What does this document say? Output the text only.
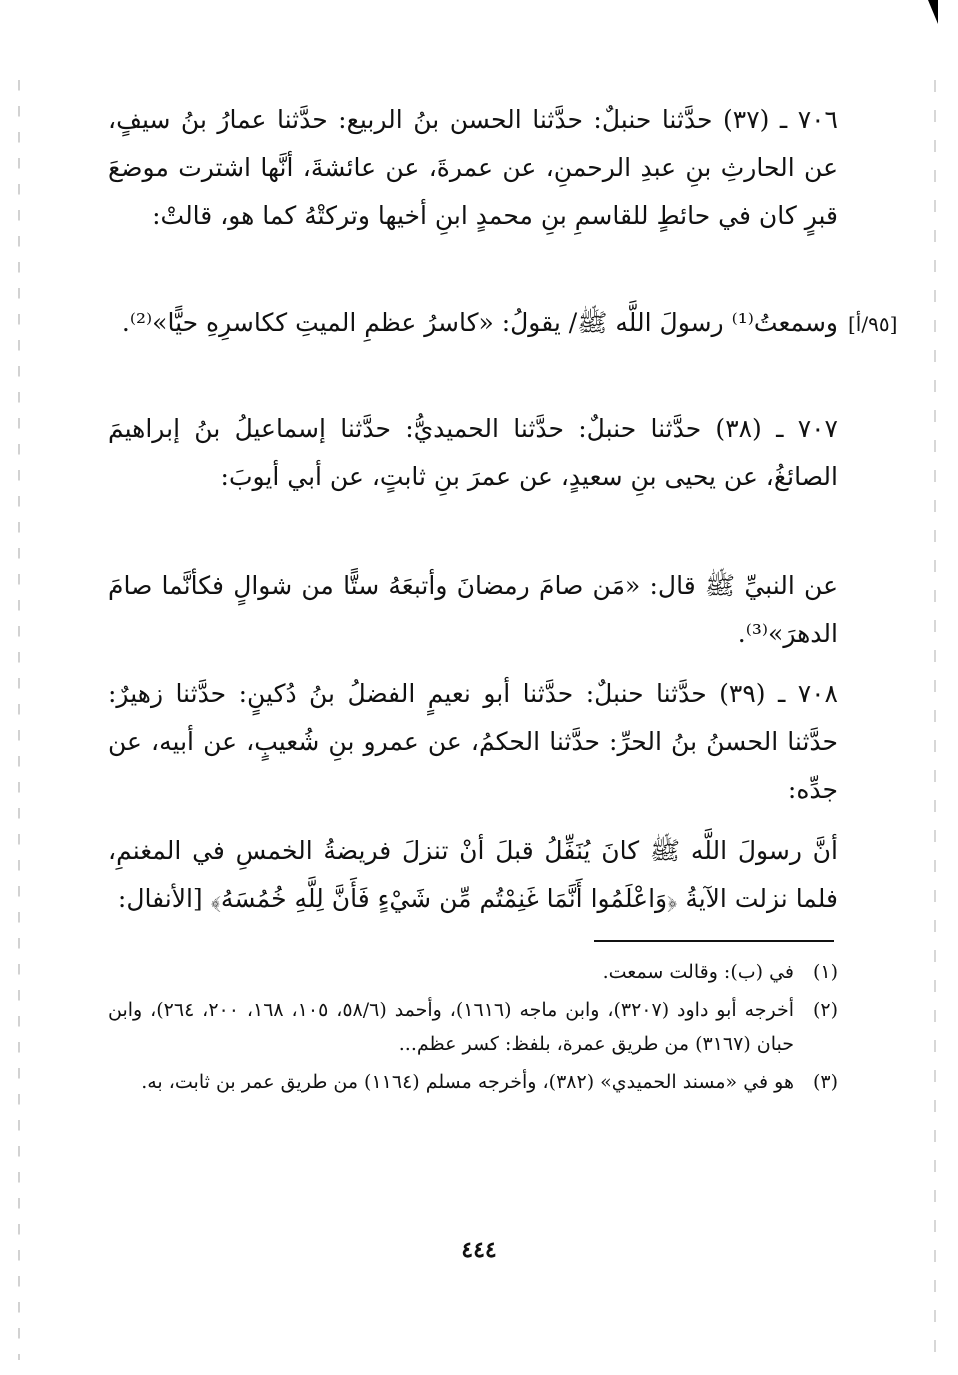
[٩٥/أ]
٧٠٦ ـ (٣٧) حدَّثنا حنبلٌ: حدَّثنا الحسن بنُ الربيع: حدَّثنا عمارُ بنُ سيفٍ، عن الحارثِ بنِ عبدِ الرحمنِ، عن عمرةَ، عن عائشةَ، أنَّها اشترت موضعَ قبرٍ كان في حائطٍ للقاسمِ بنِ محمدٍ ابنِ أخيها وتركتْهُ كما هو، قالتْ:
وسمعتُ⁽¹⁾ رسولَ اللَّه ﷺ/ يقولُ: «كاسرُ عظمِ الميتِ ككاسرِهِ حيًّا»⁽²⁾.
٧٠٧ ـ (٣٨) حدَّثنا حنبلٌ: حدَّثنا الحميديُّ: حدَّثنا إسماعيلُ بنُ إبراهيمَ الصائغُ، عن يحيى بنِ سعيدٍ، عن عمرَ بنِ ثابتٍ، عن أبي أيوبَ:
عن النبيِّ ﷺ قال: «مَن صامَ رمضانَ وأتبعَهُ ستًّا من شوالٍ فكأنَّما صامَ الدهرَ»⁽³⁾.
٧٠٨ ـ (٣٩) حدَّثنا حنبلٌ: حدَّثنا أبو نعيمٍ الفضلُ بنُ دُكينٍ: حدَّثنا زهيرٌ: حدَّثنا الحسنُ بنُ الحرِّ: حدَّثنا الحكمُ، عن عمرو بنِ شُعيبٍ، عن أبيه، عن جدِّه:
أنَّ رسولَ اللَّه ﷺ كانَ يُنَفِّلُ قبلَ أنْ تنزلَ فريضةُ الخمسِ في المغنمِ، فلما نزلت الآيةُ ﴿وَاعْلَمُوا أَنَّمَا غَنِمْتُم مِّن شَيْءٍ فَأَنَّ لِلَّهِ خُمُسَهُ﴾ [الأنفال:
(١)
في (ب): وقالت سمعت.
(٢)
أخرجه أبو داود (٣٢٠٧)، وابن ماجه (١٦١٦)، وأحمد (٥٨/٦، ١٠٥، ١٦٨، ٢٠٠، ٢٦٤)، وابن حبان (٣١٦٧) من طريق عمرة، بلفظ: كسر عظم...
(٣)
هو في «مسند الحميدي» (٣٨٢)، وأخرجه مسلم (١١٦٤) من طريق عمر بن ثابت، به.
٤٤٤
